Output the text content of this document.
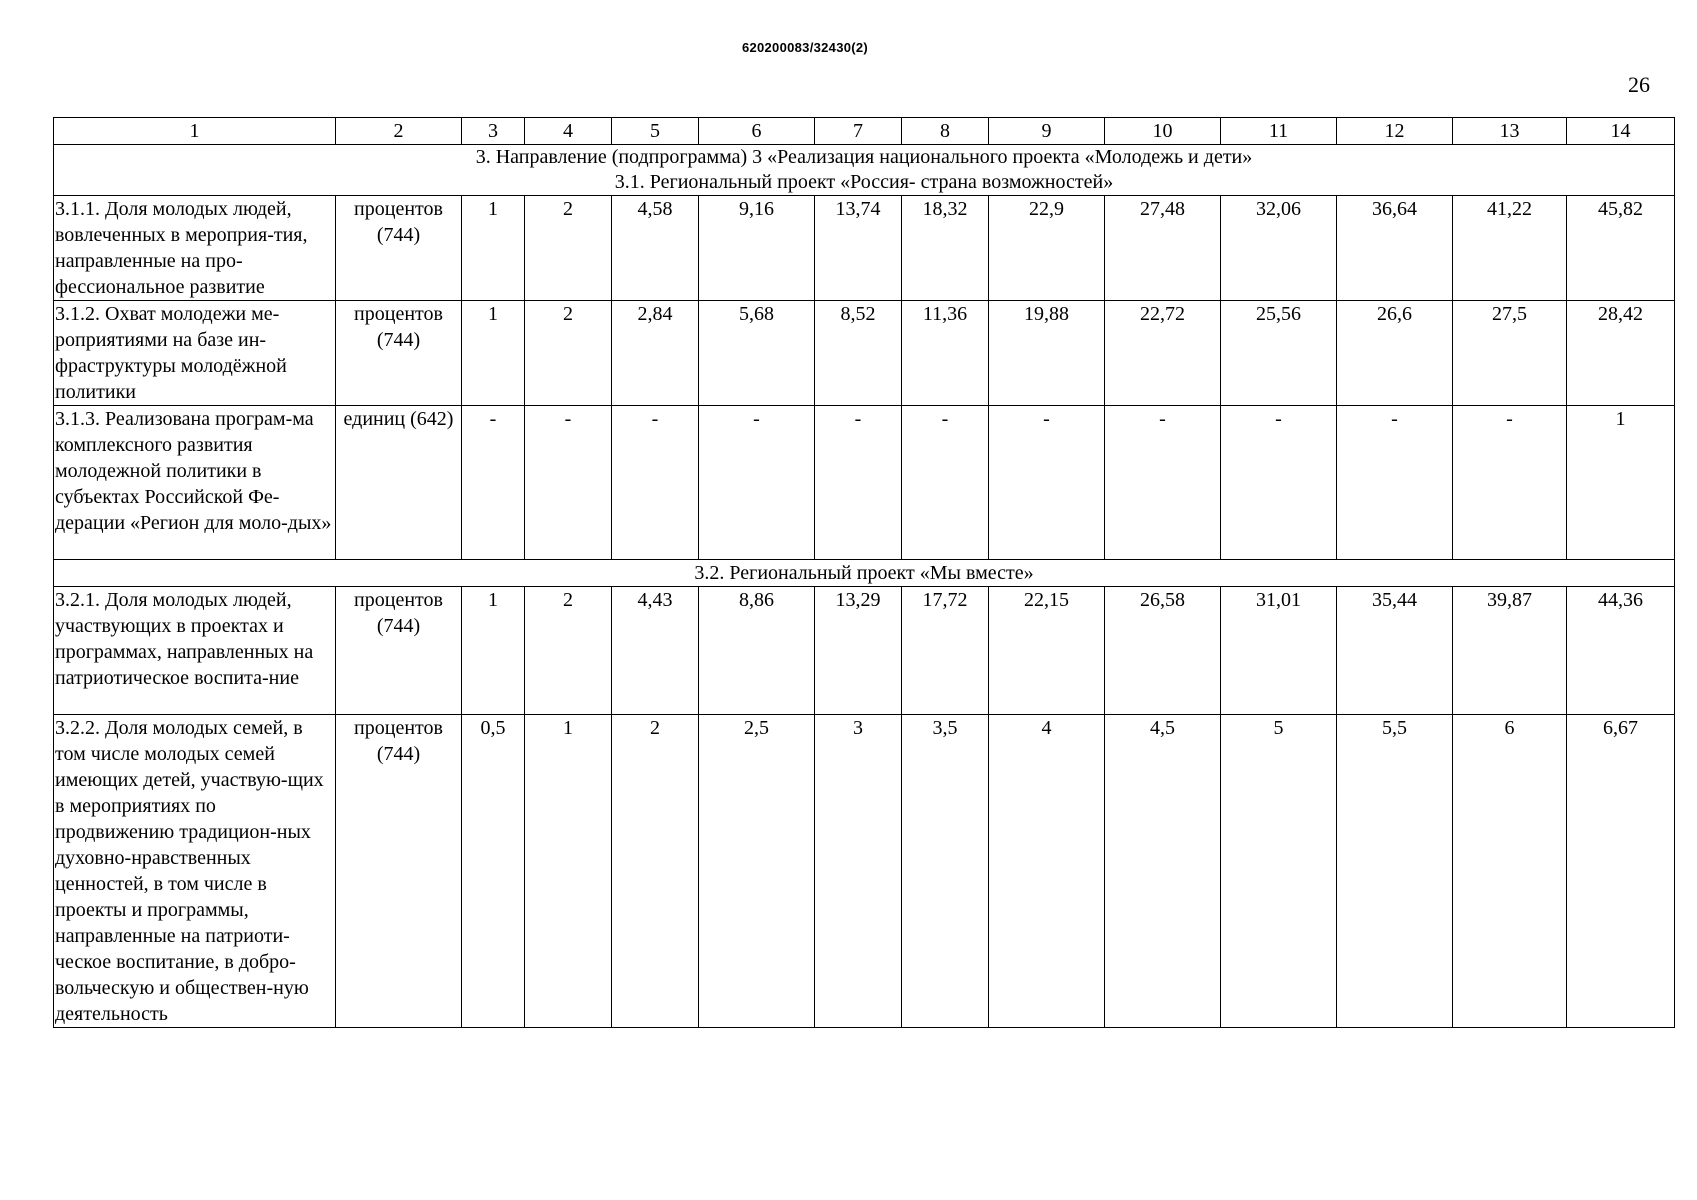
620200083/32430(2)
26
1	2	3	4	5	6	7	8	9	10	11	12	13	14

3. Направление (подпрограмма) 3 «Реализация национального проекта «Молодежь и дети»
3.1. Региональный проект «Россия- страна возможностей»													

3.1.1. Доля молодых людей, вовлеченных в мероприя-тия, направленные на про-фессиональное развитие	процентов (744)	1	2	4,58	9,16	13,74	18,32	22,9	27,48	32,06	36,64	41,22	45,82
3.1.2. Охват молодежи ме-роприятиями на базе ин-фраструктуры молодёжной политики	процентов (744)	1	2	2,84	5,68	8,52	11,36	19,88	22,72	25,56	26,6	27,5	28,42
3.1.3. Реализована програм-ма комплексного развития молодежной политики в субъектах Российской Фе-дерации «Регион для моло-дых»	единиц (642)	-	-	-	-	-	-	-	-	-	-	-	1
3.2. Региональный проект «Мы вместе»													
3.2.1. Доля молодых людей, участвующих в проектах и программах, направленных на патриотическое воспита-ние	процентов (744)	1	2	4,43	8,86	13,29	17,72	22,15	26,58	31,01	35,44	39,87	44,36
3.2.2. Доля молодых семей, в том числе молодых семей имеющих детей, участвую-щих в мероприятиях по продвижению традицион-ных духовно-нравственных ценностей, в том числе в проекты и программы, направленные на патриоти-ческое воспитание, в добро-вольческую и обществен-ную деятельность	процентов (744)	0,5	1	2	2,5	3	3,5	4	4,5	5	5,5	6	6,67
